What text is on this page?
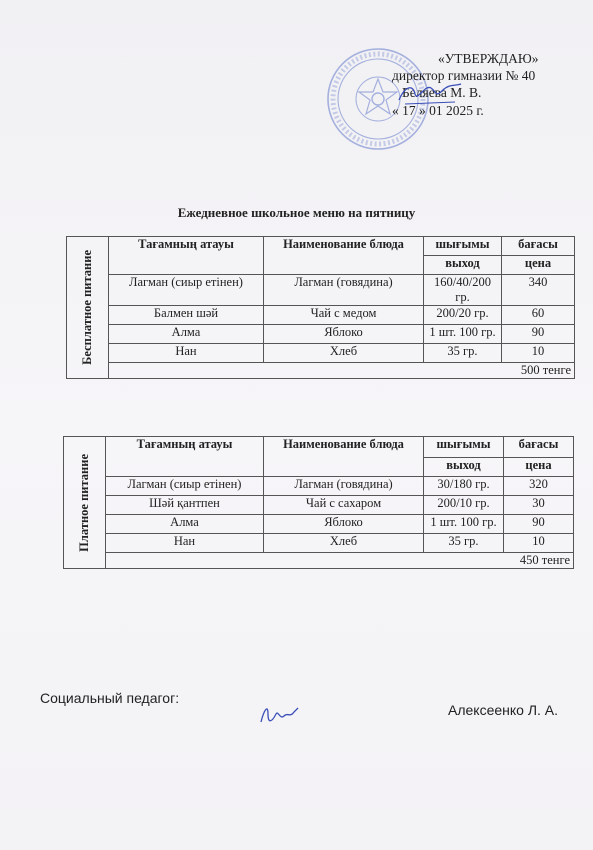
«УТВЕРЖДАЮ»
директор гимназии № 40
Беляева М. В.
« 17 » 01 2025 г.
Ежедневное школьное меню на пятницу
Бесплатное питание	Тағамның атауы	Наименование блюда	шығымы	бағасы
			выход	цена
	Лагман (сиыр етінен)	Лагман (говядина)	160/40/200 гр.	340
	Балмен шәй	Чай с медом	200/20 гр.	60
	Алма	Яблоко	1 шт. 100 гр.	90
	Нан	Хлеб	35 гр.	10
	500 тенге			
Платное питание	Тағамның атауы	Наименование блюда	шығымы	бағасы
			выход	цена
	Лагман (сиыр етінен)	Лагман (говядина)	30/180 гр.	320
	Шәй қантпен	Чай с сахаром	200/10 гр.	30
	Алма	Яблоко	1 шт. 100 гр.	90
	Нан	Хлеб	35 гр.	10
	450 тенге			
Социальный педагог:
Алексеенко Л. А.
